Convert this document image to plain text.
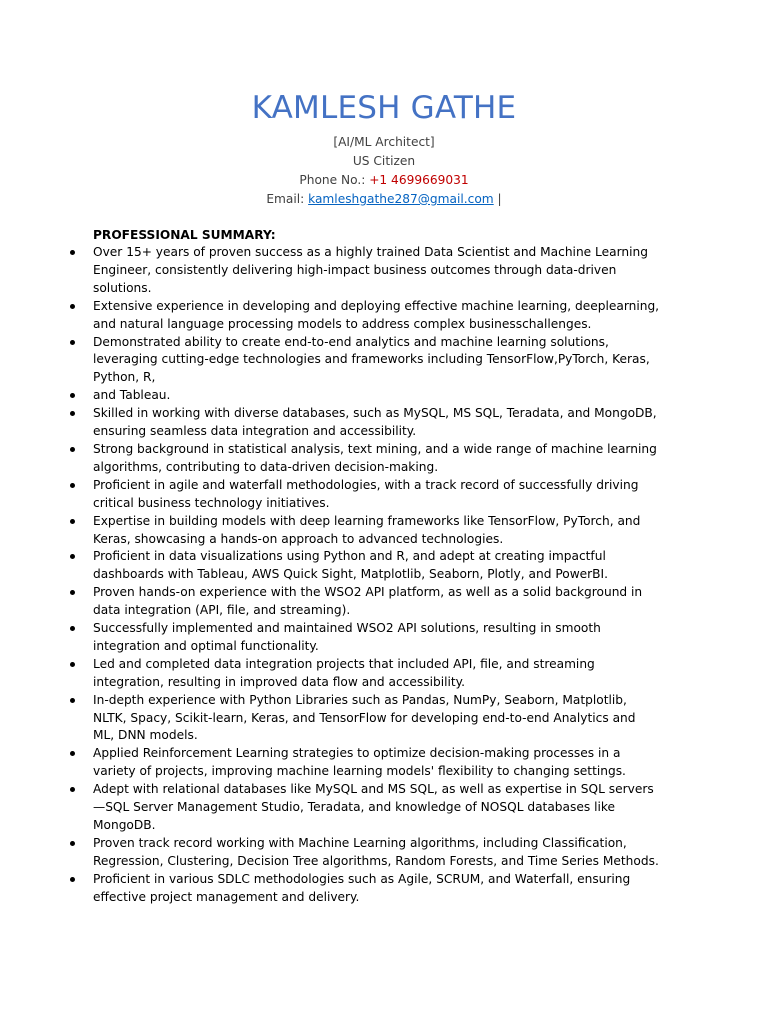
KAMLESH GATHE
[AI/ML Architect]
US Citizen
Phone No.: +1 4699669031
Email: kamleshgathe287@gmail.com |
PROFESSIONAL SUMMARY:
Over 15+ years of proven success as a highly trained Data Scientist and Machine Learning
Engineer, consistently delivering high-impact business outcomes through data-driven
solutions.
Extensive experience in developing and deploying effective machine learning, deeplearning,
and natural language processing models to address complex businesschallenges.
Demonstrated ability to create end-to-end analytics and machine learning solutions,
leveraging cutting-edge technologies and frameworks including TensorFlow,PyTorch, Keras,
Python, R,
and Tableau.
Skilled in working with diverse databases, such as MySQL, MS SQL, Teradata, and MongoDB,
ensuring seamless data integration and accessibility.
Strong background in statistical analysis, text mining, and a wide range of machine learning
algorithms, contributing to data-driven decision-making.
Proficient in agile and waterfall methodologies, with a track record of successfully driving
critical business technology initiatives.
Expertise in building models with deep learning frameworks like TensorFlow, PyTorch, and
Keras, showcasing a hands-on approach to advanced technologies.
Proficient in data visualizations using Python and R, and adept at creating impactful
dashboards with Tableau, AWS Quick Sight, Matplotlib, Seaborn, Plotly, and PowerBI.
Proven hands-on experience with the WSO2 API platform, as well as a solid background in
data integration (API, file, and streaming).
Successfully implemented and maintained WSO2 API solutions, resulting in smooth
integration and optimal functionality.
Led and completed data integration projects that included API, file, and streaming
integration, resulting in improved data flow and accessibility.
In-depth experience with Python Libraries such as Pandas, NumPy, Seaborn, Matplotlib,
NLTK, Spacy, Scikit-learn, Keras, and TensorFlow for developing end-to-end Analytics and
ML, DNN models.
Applied Reinforcement Learning strategies to optimize decision-making processes in a
variety of projects, improving machine learning models' flexibility to changing settings.
Adept with relational databases like MySQL and MS SQL, as well as expertise in SQL servers
—SQL Server Management Studio, Teradata, and knowledge of NOSQL databases like
MongoDB.
Proven track record working with Machine Learning algorithms, including Classification,
Regression, Clustering, Decision Tree algorithms, Random Forests, and Time Series Methods.
Proficient in various SDLC methodologies such as Agile, SCRUM, and Waterfall, ensuring
effective project management and delivery.
